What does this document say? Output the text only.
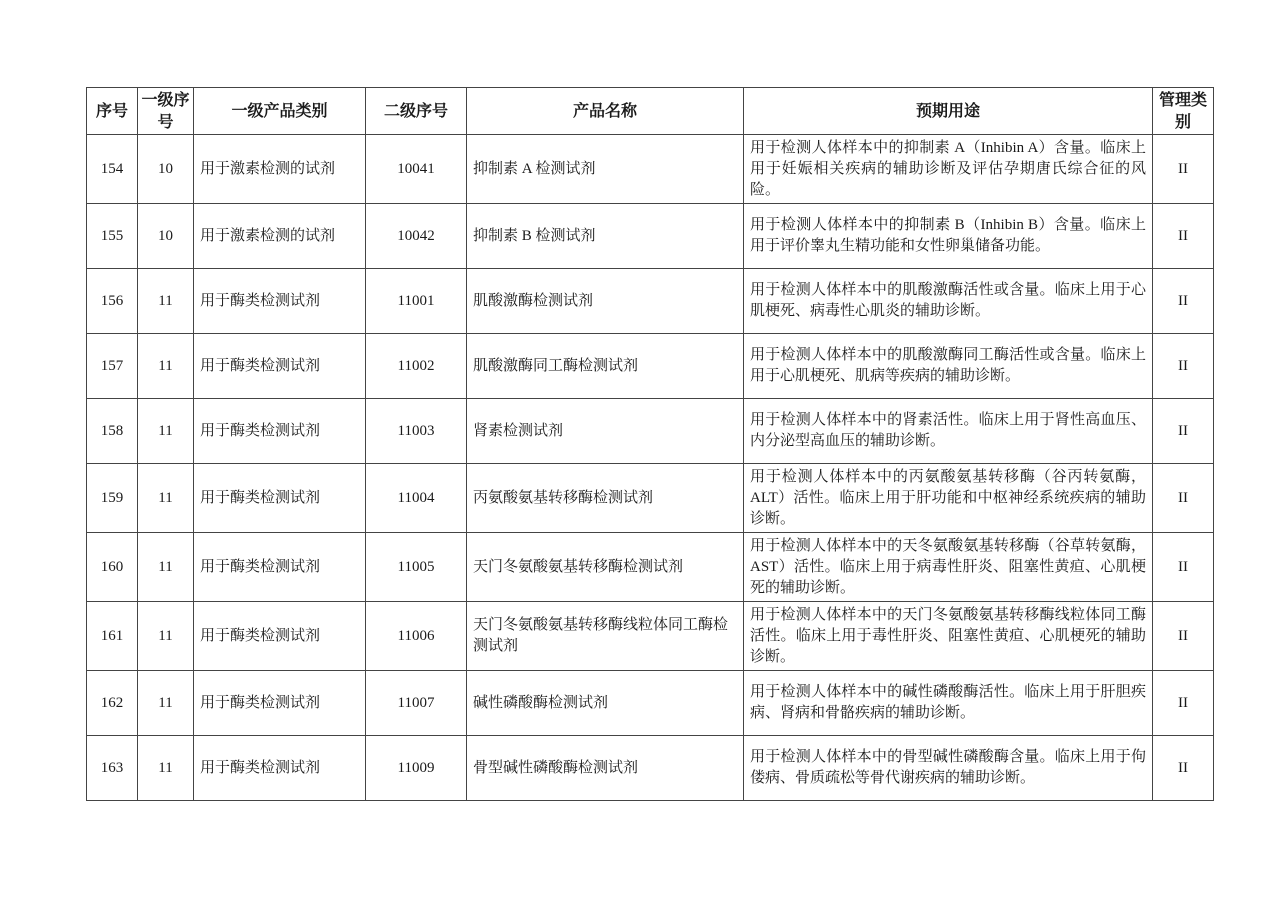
序号	一级序号	一级产品类别	二级序号	产品名称	预期用途	管理类别
154	10	用于激素检测的试剂	10041	抑制素 A 检测试剂	用于检测人体样本中的抑制素 A（Inhibin A）含量。临床上用于妊娠相关疾病的辅助诊断及评估孕期唐氏综合征的风险。	II
155	10	用于激素检测的试剂	10042	抑制素 B 检测试剂	用于检测人体样本中的抑制素 B（Inhibin B）含量。临床上用于评价睾丸生精功能和女性卵巢储备功能。	II
156	11	用于酶类检测试剂	11001	肌酸激酶检测试剂	用于检测人体样本中的肌酸激酶活性或含量。临床上用于心肌梗死、病毒性心肌炎的辅助诊断。	II
157	11	用于酶类检测试剂	11002	肌酸激酶同工酶检测试剂	用于检测人体样本中的肌酸激酶同工酶活性或含量。临床上用于心肌梗死、肌病等疾病的辅助诊断。	II
158	11	用于酶类检测试剂	11003	肾素检测试剂	用于检测人体样本中的肾素活性。临床上用于肾性高血压、内分泌型高血压的辅助诊断。	II
159	11	用于酶类检测试剂	11004	丙氨酸氨基转移酶检测试剂	用于检测人体样本中的丙氨酸氨基转移酶（谷丙转氨酶，ALT）活性。临床上用于肝功能和中枢神经系统疾病的辅助诊断。	II
160	11	用于酶类检测试剂	11005	天门冬氨酸氨基转移酶检测试剂	用于检测人体样本中的天冬氨酸氨基转移酶（谷草转氨酶，AST）活性。临床上用于病毒性肝炎、阻塞性黄疸、心肌梗死的辅助诊断。	II
161	11	用于酶类检测试剂	11006	天门冬氨酸氨基转移酶线粒体同工酶检测试剂	用于检测人体样本中的天门冬氨酸氨基转移酶线粒体同工酶活性。临床上用于毒性肝炎、阻塞性黄疸、心肌梗死的辅助诊断。	II
162	11	用于酶类检测试剂	11007	碱性磷酸酶检测试剂	用于检测人体样本中的碱性磷酸酶活性。临床上用于肝胆疾病、肾病和骨骼疾病的辅助诊断。	II
163	11	用于酶类检测试剂	11009	骨型碱性磷酸酶检测试剂	用于检测人体样本中的骨型碱性磷酸酶含量。临床上用于佝偻病、骨质疏松等骨代谢疾病的辅助诊断。	II
